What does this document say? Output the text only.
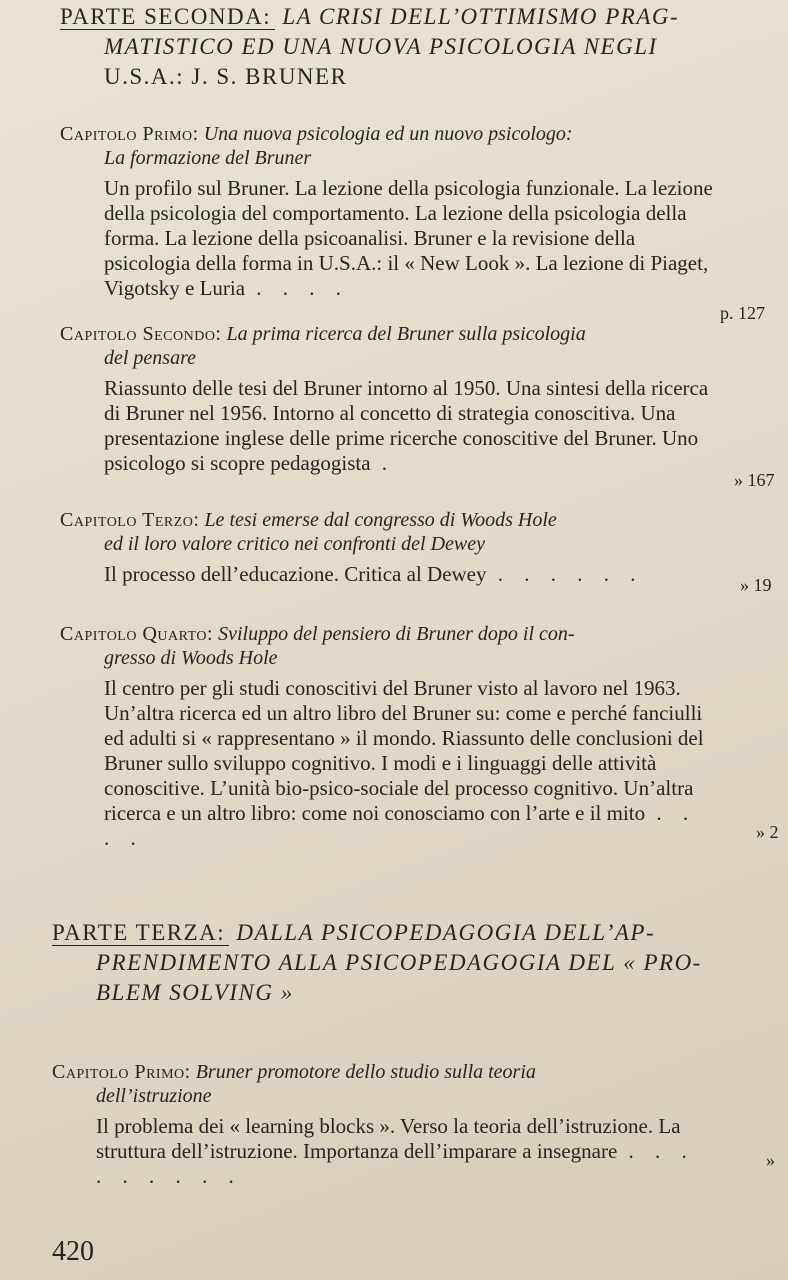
PARTE SECONDA: LA CRISI DELL’OTTIMISMO PRAG-
MATISTICO ED UNA NUOVA PSICOLOGIA NEGLI
U.S.A.: J. S. BRUNER
Capitolo Primo: Una nuova psicologia ed un nuovo psicologo:
La formazione del Bruner
Un profilo sul Bruner. La lezione della psicologia funzionale. La lezione della psicologia del comportamento. La lezione della psicologia della forma. La lezione della psicoanalisi. Bruner e la revisione della psicologia della forma in U.S.A.: il « New Look ». La lezione di Piaget, Vigotsky e Luria . . . .
p. 127
Capitolo Secondo: La prima ricerca del Bruner sulla psicologia
del pensare
Riassunto delle tesi del Bruner intorno al 1950. Una sintesi della ricerca di Bruner nel 1956. Intorno al concetto di strategia conoscitiva. Una presentazione inglese delle prime ricerche conoscitive del Bruner. Uno psicologo si scopre pedagogista .
» 167
Capitolo Terzo: Le tesi emerse dal congresso di Woods Hole
ed il loro valore critico nei confronti del Dewey
Il processo dell’educazione. Critica al Dewey . . . . . .	» 19
Capitolo Quarto: Sviluppo del pensiero di Bruner dopo il con-
gresso di Woods Hole
Il centro per gli studi conoscitivi del Bruner visto al lavoro nel 1963. Un’altra ricerca ed un altro libro del Bruner su: come e perché fanciulli ed adulti si « rappresentano » il mondo. Riassunto delle conclusioni del Bruner sullo sviluppo cognitivo. I modi e i linguaggi delle attività conoscitive. L’unità bio-psico-sociale del processo cognitivo. Un’altra ricerca e un altro libro: come noi conosciamo con l’arte e il mito . . . .	» 2
PARTE TERZA: DALLA PSICOPEDAGOGIA DELL’AP-
PRENDIMENTO ALLA PSICOPEDAGOGIA DEL « PRO-
BLEM SOLVING »
Capitolo Primo: Bruner promotore dello studio sulla teoria
dell’istruzione
Il problema dei « learning blocks ». Verso la teoria dell’istruzione. La struttura dell’istruzione. Importanza dell’imparare a insegnare . . . . . . . . .
»
420
